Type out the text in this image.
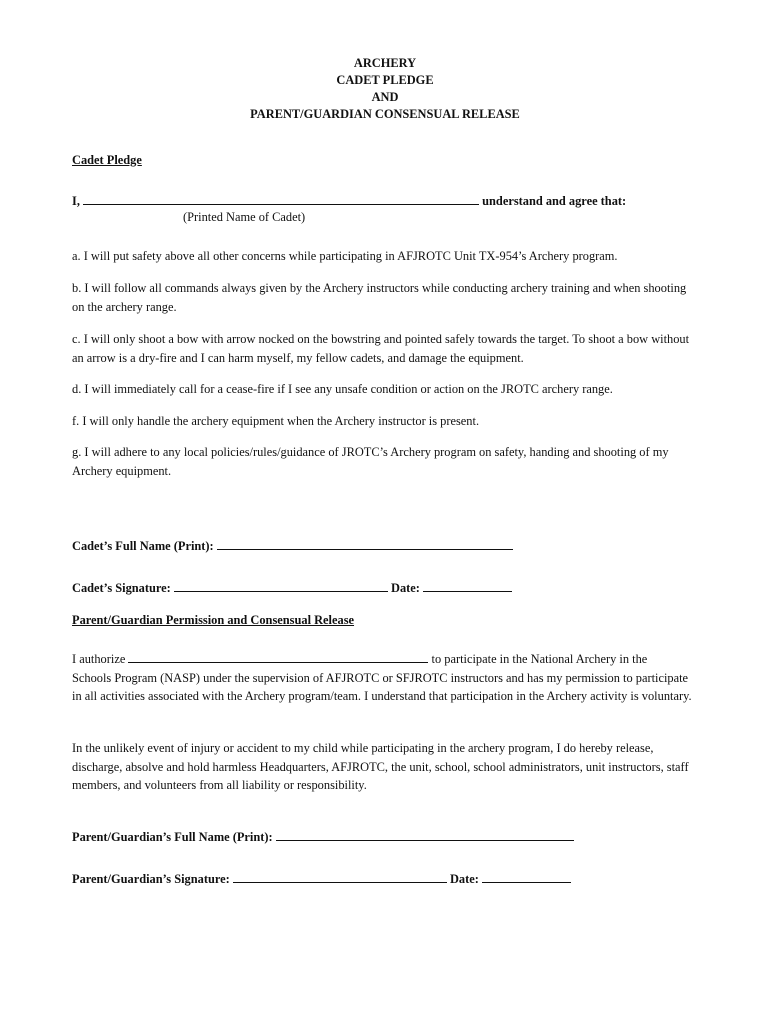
ARCHERY
CADET PLEDGE
AND
PARENT/GUARDIAN CONSENSUAL RELEASE
Cadet Pledge
I,	understand and agree that:
(Printed Name of Cadet)
a. I will put safety above all other concerns while participating in AFJROTC Unit TX-954’s Archery program.
b. I will follow all commands always given by the Archery instructors while conducting archery training and when shooting on the archery range.
c. I will only shoot a bow with arrow nocked on the bowstring and pointed safely towards the target. To shoot a bow without an arrow is a dry-fire and I can harm myself, my fellow cadets, and damage the equipment.
d. I will immediately call for a cease-fire if I see any unsafe condition or action on the JROTC archery range.
f. I will only handle the archery equipment when the Archery instructor is present.
g. I will adhere to any local policies/rules/guidance of JROTC’s Archery program on safety, handing and shooting of my Archery equipment.
Cadet’s Full Name (Print):
Cadet’s Signature:	Date:
Parent/Guardian Permission and Consensual Release
I authorize	to participate in the National Archery in the
Schools Program (NASP) under the supervision of AFJROTC or SFJROTC instructors and has my permission to participate in all activities associated with the Archery program/team. I understand that participation in the Archery activity is voluntary.
In the unlikely event of injury or accident to my child while participating in the archery program, I do hereby release, discharge, absolve and hold harmless Headquarters, AFJROTC, the unit, school, school administrators, unit instructors, staff members, and volunteers from all liability or responsibility.
Parent/Guardian’s Full Name (Print):
Parent/Guardian’s Signature:	Date:
